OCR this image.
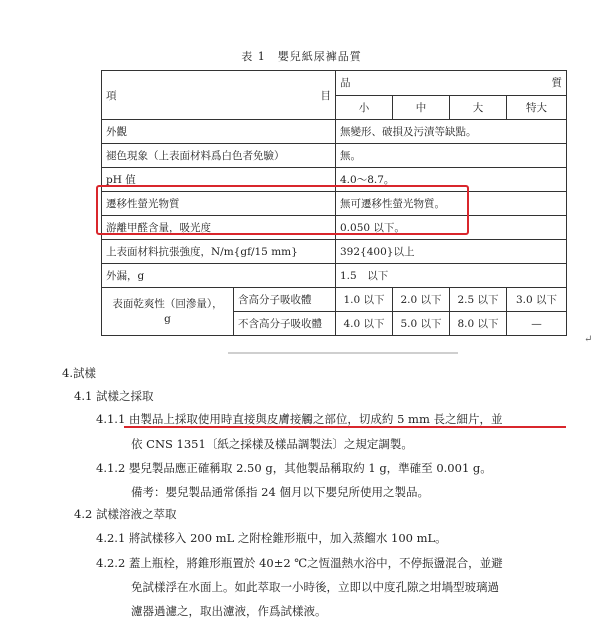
表 1　嬰兒紙尿褲品質
項 目		品 質			

		小	中	大	特大
外觀		無變形、破損及污漬等缺點。			
褪色現象（上表面材料爲白色者免驗）		無。			
pH 值		4.0～8.7。			
遷移性螢光物質		無可遷移性螢光物質。			
游離甲醛含量，吸光度		0.050 以下。			
上表面材料抗張強度，N/m{gf/15 mm}		392{400}以上			
外漏，g		1.5　以下			
表面乾爽性（回滲量），
g	含高分子吸收體	1.0 以下	2.0 以下	2.5 以下	3.0 以下
	不含高分子吸收體	4.0 以下	5.0 以下	8.0 以下	—
↵
4.試樣
4.1 試樣之採取
4.1.1 由製品上採取使用時直接與皮膚接觸之部位，切成約 5 mm 長之細片，並
依 CNS 1351〔紙之採樣及樣品調製法〕之規定調製。
4.1.2 嬰兒製品應正確稱取 2.50 g，其他製品稱取約 1 g，準確至 0.001 g。
備考：嬰兒製品通常係指 24 個月以下嬰兒所使用之製品。
4.2 試樣溶液之萃取
4.2.1 將試樣移入 200 mL 之附栓錐形瓶中，加入蒸餾水 100 mL。
4.2.2 蓋上瓶栓，將錐形瓶置於 40±2 ℃之恆溫熱水浴中，不停振盪混合，並避
免試樣浮在水面上。如此萃取一小時後，立即以中度孔隙之坩堝型玻璃過
濾器過濾之，取出濾液，作爲試樣液。
